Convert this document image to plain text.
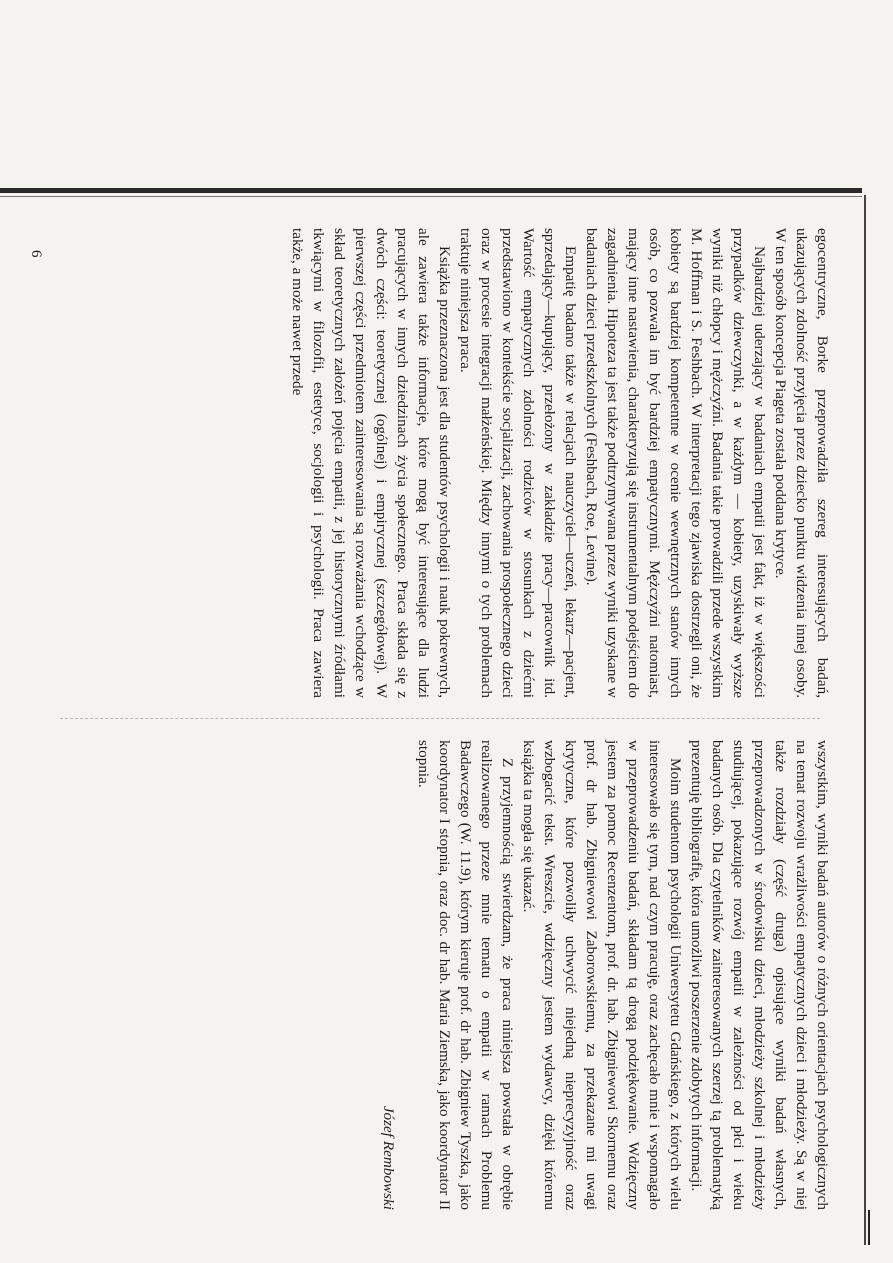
6	egocentryczne, Borke przeprowadziła szereg interesujących badań, ukazujących zdolność przyjęcia przez dziecko punktu widzenia innej osoby. W ten sposób koncepcja Piageta została poddana krytyce.

Najbardziej uderzający w badaniach empatii jest fakt, iż w większości przypadków dziewczynki, a w każdym — kobiety, uzyskiwały wyższe wyniki niż chłopcy i mężczyźni. Badania takie prowadzili przede wszystkim M. Hoffman i S. Feshbach. W interpretacji tego zjawiska dostrzegli oni, że kobiety są bardziej kompetentne w ocenie wewnętrznych stanów innych osób, co pozwala im być bardziej empatycznymi. Mężczyźni natomiast, mający inne nastawienia, charakteryzują się instrumentalnym podejściem do zagadnienia. Hipoteza ta jest także podtrzymywana przez wyniki uzyskane w badaniach dzieci przedszkolnych (Feshbach, Roe, Levine).

Empatię badano także w relacjach nauczyciel—uczeń, lekarz—pacjent, sprzedający—kupujący, przełożony w zakładzie pracy—pracownik itd. Wartość empatycznych zdolności rodziców w stosunkach z dziećmi przedstawiono w kontekście socjalizacji, zachowania prospołecznego dzieci oraz w procesie integracji małżeńskiej. Między innymi o tych problemach traktuje niniejsza praca.

Książka przeznaczona jest dla studentów psychologii i nauk pokrewnych, ale zawiera także informacje, które mogą być interesujące dla ludzi pracujących w innych dziedzinach życia społecznego. Praca składa się z dwóch części: teoretycznej (ogólnej) i empirycznej (szczegółowej). W pierwszej części przedmiotem zainteresowania są rozważania wchodzące w skład teoretycznych założeń pojęcia empatii, z jej historycznymi źródłami tkwiącymi w filozofii, estetyce, socjologii i psychologii. Praca zawiera także, a może nawet przede

wszystkim, wyniki badań autorów o różnych orientacjach psychologicznych na temat rozwoju wrażliwości empatycznych dzieci i młodzieży. Są w niej także rozdziały (część druga) opisujące wyniki badań własnych, przeprowadzonych w środowisku dzieci, młodzieży szkolnej i młodzieży studiującej, pokazujące rozwój empatii w zależności od płci i wieku badanych osób. Dla czytelników zainteresowanych szerzej tą problematyką prezentuję bibliografię, która umożliwi poszerzenie zdobytych informacji.

Moim studentom psychologii Uniwersytetu Gdańskiego, z których wielu interesowało się tym, nad czym pracuję, oraz zachęcało mnie i wspomagało w przeprowadzeniu badań, składam tą drogą podziękowanie. Wdzięczny jestem za pomoc Recenzentom, prof. dr. hab. Zbigniewowi Skornemu oraz prof. dr hab. Zbigniewowi Zaborowskiemu, za przekazane mi uwagi krytyczne, które pozwoliły uchwycić niejedną nieprecyzyjność oraz wzbogacić tekst. Wreszcie, wdzięczny jestem wydawcy, dzięki któremu książka ta mogła się ukazać.

Z przyjemnością stwierdzam, że praca niniejsza powstała w obrębie realizowanego przeze mnie tematu o empatii w ramach Problemu Badawczego (W. 11.9), którym kieruje prof. dr hab. Zbigniew Tyszka, jako koordynator I stopnia, oraz doc. dr hab. Maria Ziemska, jako koordynator II stopnia.

Józef Rembowski
